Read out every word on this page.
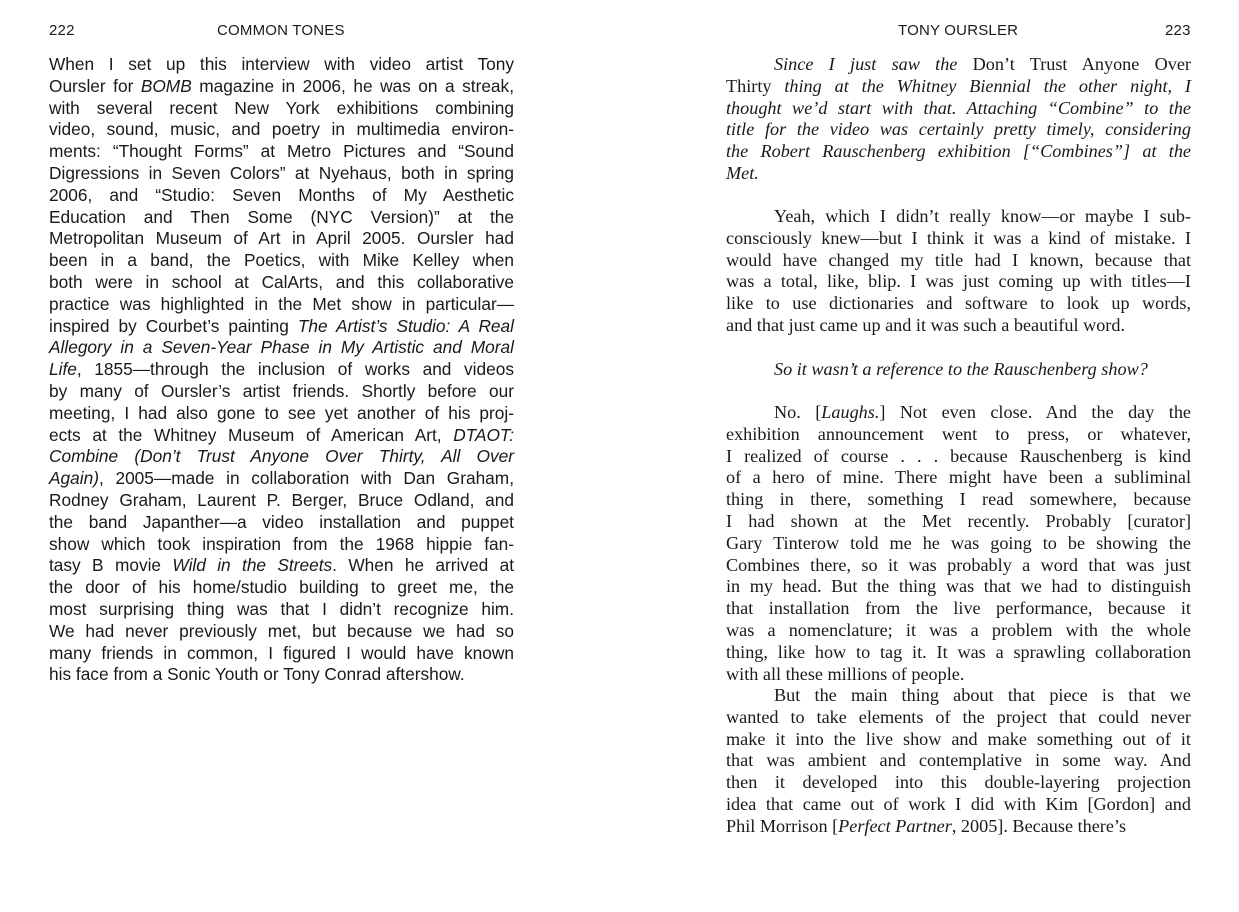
222	COMMON TONES
When I set up this interview with video artist Tony
Oursler for BOMB magazine in 2006, he was on a streak,
with several recent New York exhibitions combining
video, sound, music, and poetry in multimedia environ-
ments: “Thought Forms” at Metro Pictures and “Sound
Digressions in Seven Colors” at Nyehaus, both in spring
2006, and “Studio: Seven Months of My Aesthetic
Education and Then Some (NYC Version)” at the
Metropolitan Museum of Art in April 2005. Oursler had
been in a band, the Poetics, with Mike Kelley when
both were in school at CalArts, and this collaborative
practice was highlighted in the Met show in particular—
inspired by Courbet’s painting The Artist’s Studio: A Real
Allegory in a Seven-Year Phase in My Artistic and Moral
Life, 1855—through the inclusion of works and videos
by many of Oursler’s artist friends. Shortly before our
meeting, I had also gone to see yet another of his proj-
ects at the Whitney Museum of American Art, DTAOT:
Combine (Don’t Trust Anyone Over Thirty, All Over
Again), 2005—made in collaboration with Dan Graham,
Rodney Graham, Laurent P. Berger, Bruce Odland, and
the band Japanther—a video installation and puppet
show which took inspiration from the 1968 hippie fan-
tasy B movie Wild in the Streets. When he arrived at
the door of his home/studio building to greet me, the
most surprising thing was that I didn’t recognize him.
We had never previously met, but because we had so
many friends in common, I figured I would have known
his face from a Sonic Youth or Tony Conrad aftershow.
TONY OURSLER	223
Since I just saw the Don’t Trust Anyone Over
Thirty thing at the Whitney Biennial the other night, I
thought we’d start with that. Attaching “Combine” to the
title for the video was certainly pretty timely, considering
the Robert Rauschenberg exhibition [“Combines”] at the
Met.
Yeah, which I didn’t really know—or maybe I sub-
consciously knew—but I think it was a kind of mistake. I
would have changed my title had I known, because that
was a total, like, blip. I was just coming up with titles—I
like to use dictionaries and software to look up words,
and that just came up and it was such a beautiful word.
So it wasn’t a reference to the Rauschenberg show?
No. [Laughs.] Not even close. And the day the
exhibition announcement went to press, or whatever,
I realized of course . . . because Rauschenberg is kind
of a hero of mine. There might have been a subliminal
thing in there, something I read somewhere, because
I had shown at the Met recently. Probably [curator]
Gary Tinterow told me he was going to be showing the
Combines there, so it was probably a word that was just
in my head. But the thing was that we had to distinguish
that installation from the live performance, because it
was a nomenclature; it was a problem with the whole
thing, like how to tag it. It was a sprawling collaboration
with all these millions of people.
But the main thing about that piece is that we
wanted to take elements of the project that could never
make it into the live show and make something out of it
that was ambient and contemplative in some way. And
then it developed into this double-layering projection
idea that came out of work I did with Kim [Gordon] and
Phil Morrison [Perfect Partner, 2005]. Because there’s
